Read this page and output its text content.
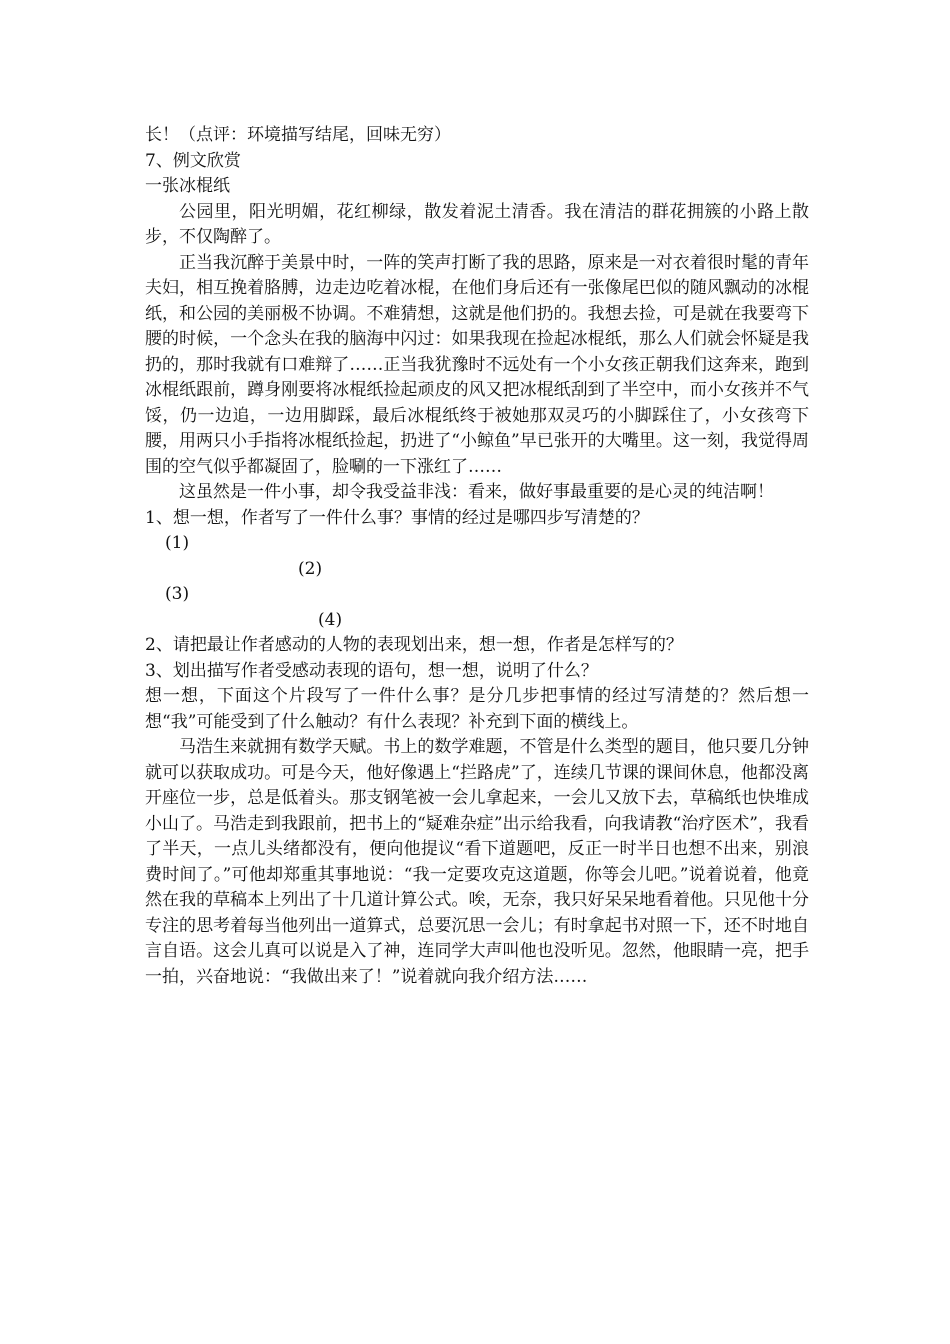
长！（点评：环境描写结尾，回味无穷）

7、例文欣赏

一张冰棍纸

公园里，阳光明媚，花红柳绿，散发着泥土清香。我在清洁的群花拥簇的小路上散步，不仅陶醉了。

正当我沉醉于美景中时，一阵的笑声打断了我的思路，原来是一对衣着很时髦的青年夫妇，相互挽着胳膊，边走边吃着冰棍，在他们身后还有一张像尾巴似的随风飘动的冰棍纸，和公园的美丽极不协调。不难猜想，这就是他们扔的。我想去捡，可是就在我要弯下腰的时候，一个念头在我的脑海中闪过：如果我现在捡起冰棍纸，那么人们就会怀疑是我扔的，那时我就有口难辩了……正当我犹豫时不远处有一个小女孩正朝我们这奔来，跑到冰棍纸跟前，蹲身刚要将冰棍纸捡起顽皮的风又把冰棍纸刮到了半空中，而小女孩并不气馁，仍一边追，一边用脚踩，最后冰棍纸终于被她那双灵巧的小脚踩住了，小女孩弯下腰，用两只小手指将冰棍纸捡起，扔进了“小鲸鱼”早已张开的大嘴里。这一刻，我觉得周围的空气似乎都凝固了，脸唰的一下涨红了……

这虽然是一件小事，却令我受益非浅：看来，做好事最重要的是心灵的纯洁啊！

1、想一想，作者写了一件什么事？事情的经过是哪四步写清楚的？

(1)
(2)
(3)
(4)

2、请把最让作者感动的人物的表现划出来，想一想，作者是怎样写的？

3、划出描写作者受感动表现的语句，想一想，说明了什么？

想一想，下面这个片段写了一件什么事？是分几步把事情的经过写清楚的？然后想一想“我”可能受到了什么触动？有什么表现？补充到下面的横线上。

马浩生来就拥有数学天赋。书上的数学难题，不管是什么类型的题目，他只要几分钟就可以获取成功。可是今天，他好像遇上“拦路虎”了，连续几节课的课间休息，他都没离开座位一步，总是低着头。那支钢笔被一会儿拿起来，一会儿又放下去，草稿纸也快堆成小山了。马浩走到我跟前，把书上的“疑难杂症”出示给我看，向我请教“治疗医术”，我看了半天，一点儿头绪都没有，便向他提议“看下道题吧，反正一时半日也想不出来，别浪费时间了。”可他却郑重其事地说：“我一定要攻克这道题，你等会儿吧。”说着说着，他竟然在我的草稿本上列出了十几道计算公式。唉，无奈，我只好呆呆地看着他。只见他十分专注的思考着每当他列出一道算式，总要沉思一会儿；有时拿起书对照一下，还不时地自言自语。这会儿真可以说是入了神，连同学大声叫他也没听见。忽然，他眼睛一亮，把手一拍，兴奋地说：“我做出来了！”说着就向我介绍方法……
